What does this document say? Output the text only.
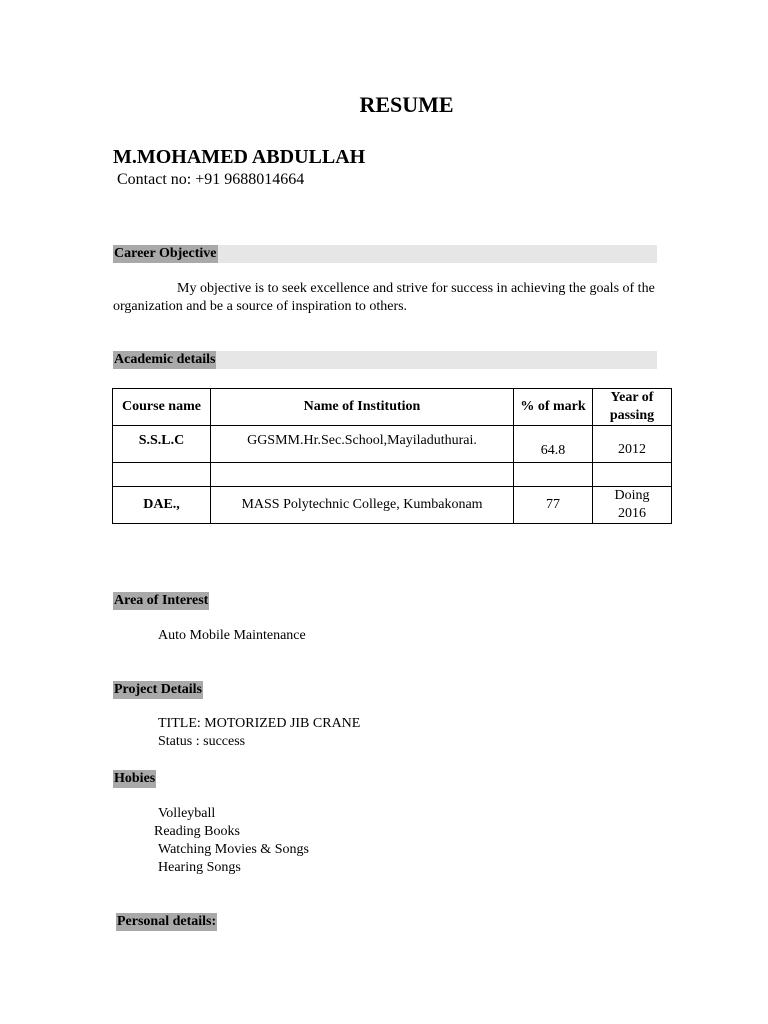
RESUME
M.MOHAMED ABDULLAH
Contact no: +91 9688014664
Career Objective
My objective is to seek excellence and strive for success in achieving the goals of the organization and be a source of inspiration to others.
Academic details
Course name	Name of Institution	% of mark	Year of passing
S.S.L.C	GGSMM.Hr.Sec.School,Mayiladuthurai.	64.8	2012

DAE.,	MASS Polytechnic College, Kumbakonam	77	Doing 2016
Area of Interest
Auto Mobile Maintenance
Project Details
TITLE: MOTORIZED JIB CRANE
Status : success
Hobies
Volleyball
Reading Books
Watching Movies & Songs
Hearing Songs
Personal details:
